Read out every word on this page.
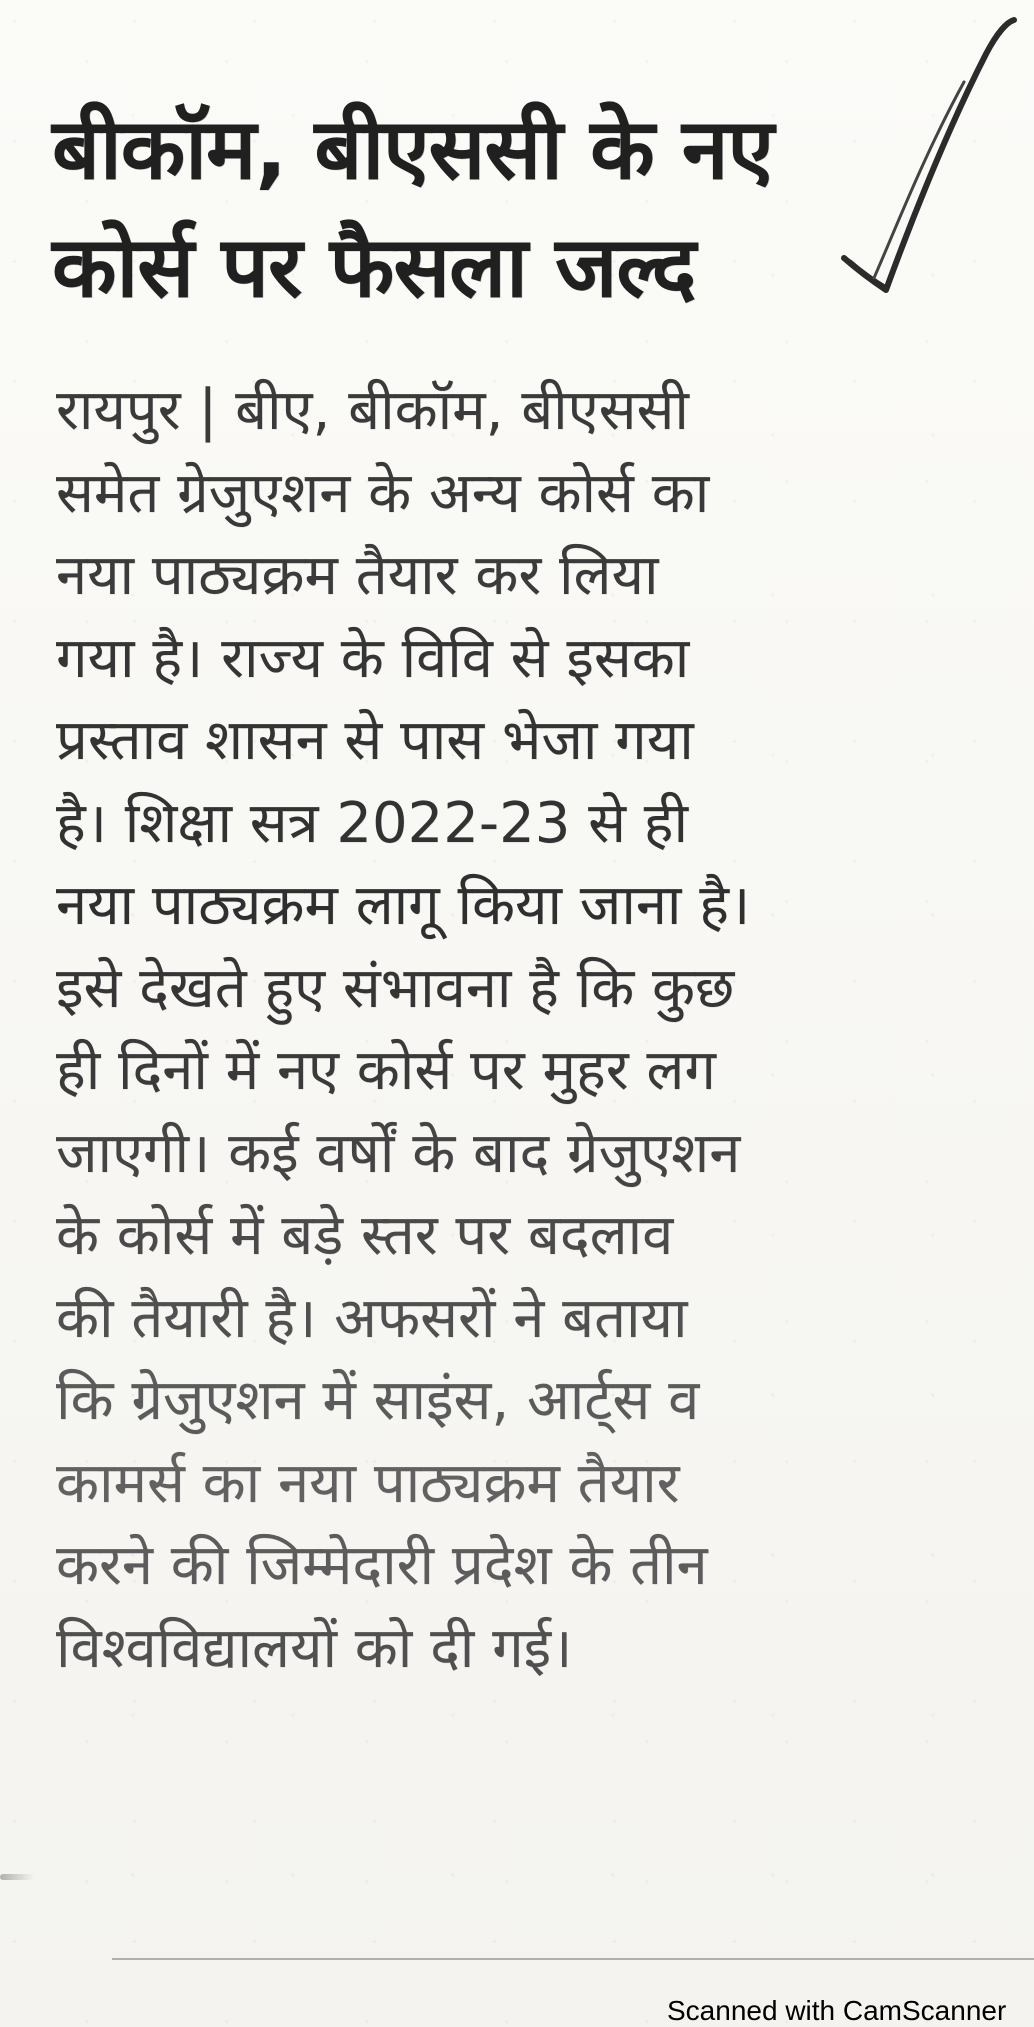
बीकॉम, बीएससी के नए
कोर्स पर फैसला जल्द
रायपुर | बीए, बीकॉम, बीएससी
समेत ग्रेजुएशन के अन्य कोर्स का
नया पाठ्यक्रम तैयार कर लिया
गया है। राज्य के विवि से इसका
प्रस्ताव शासन से पास भेजा गया
है। शिक्षा सत्र 2022-23 से ही
नया पाठ्यक्रम लागू किया जाना है।
इसे देखते हुए संभावना है कि कुछ
ही दिनों में नए कोर्स पर मुहर लग
जाएगी। कई वर्षों के बाद ग्रेजुएशन
के कोर्स में बड़े स्तर पर बदलाव
की तैयारी है। अफसरों ने बताया
कि ग्रेजुएशन में साइंस, आर्ट्स व
कामर्स का नया पाठ्यक्रम तैयार
करने की जिम्मेदारी प्रदेश के तीन
विश्वविद्यालयों को दी गई।

Scanned with CamScanner
